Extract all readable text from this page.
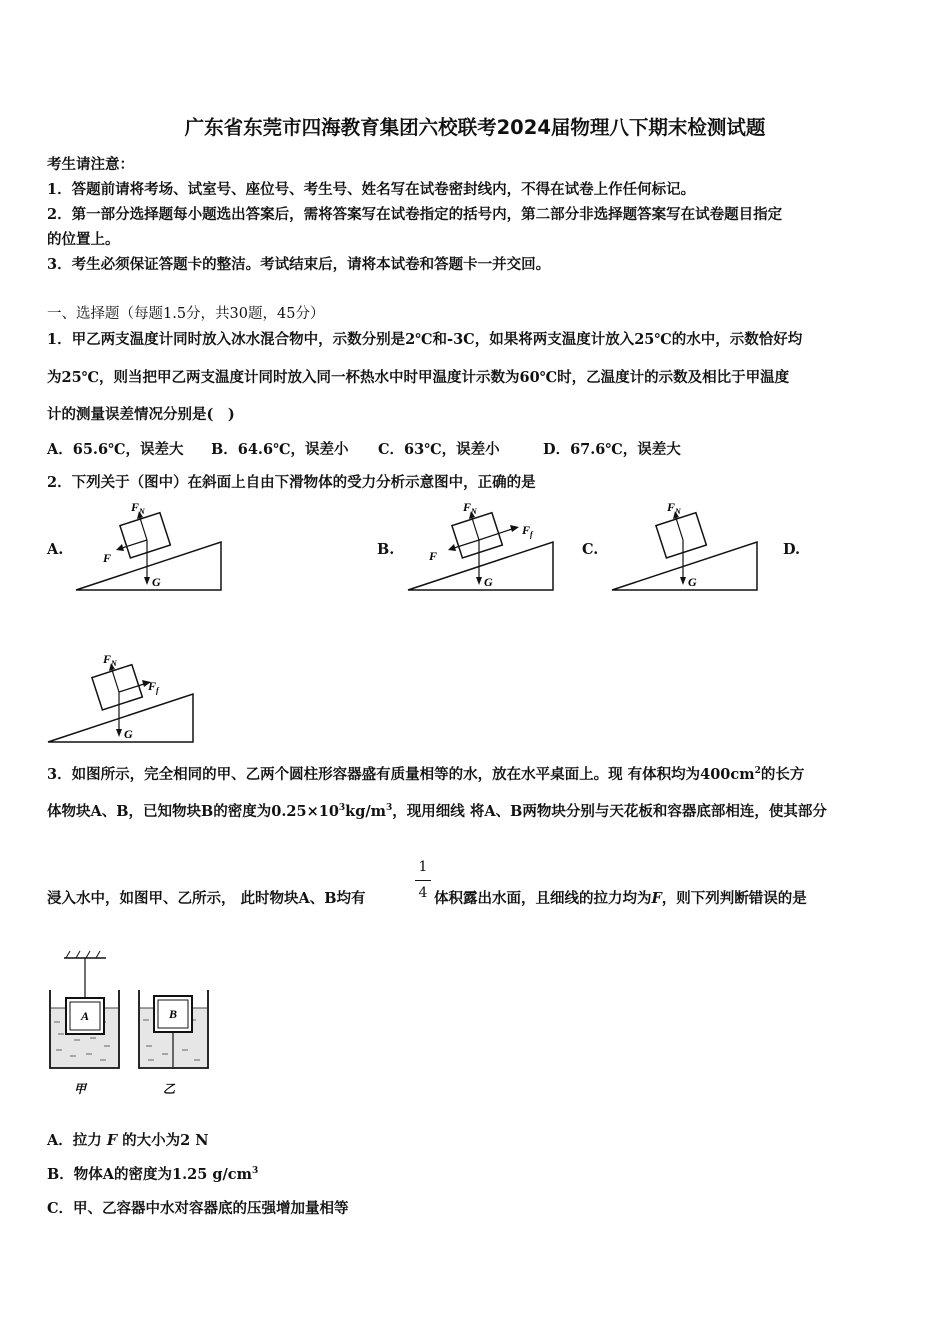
广东省东莞市四海教育集团六校联考2024届物理八下期末检测试题
考生请注意：
1．答题前请将考场、试室号、座位号、考生号、姓名写在试卷密封线内，不得在试卷上作任何标记。
2．第一部分选择题每小题选出答案后，需将答案写在试卷指定的括号内，第二部分非选择题答案写在试卷题目指定
的位置上。
3．考生必须保证答题卡的整洁。考试结束后，请将本试卷和答题卡一并交回。
一、选择题（每题1.5分，共30题，45分）
1．甲乙两支温度计同时放入冰水混合物中，示数分别是2℃和-3C，如果将两支温度计放入25℃的水中，示数恰好均
为25℃，则当把甲乙两支温度计同时放入同一杯热水中时甲温度计示数为60℃时，乙温度计的示数及相比于甲温度
计的测量误差情况分别是(　)
A．65.6℃，误差大 B．64.6℃，误差小 C．63℃，误差小	D．67.6℃，误差大
2．下列关于（图中）在斜面上自由下滑物体的受力分析示意图中，正确的是
A.	B.	C.	D.
$F_N$
F
G
$F_N$
$F_f$
F
G
$F_N$
G
$F_N$
$F_f$
G
3．如图所示，完全相同的甲、乙两个圆柱形容器盛有质量相等的水，放在水平桌面上。现 有体积均为$400cm^2$的长方
体物块A、B，已知物块B的密度为$0.25\times 10^3kg/m^3$，现用细线 将A、B两物块分别与天花板和容器底部相连，使其部分
浸入水中，如图甲、乙所示， 此时物块A、B均有
1
4 体积露出水面，且细线的拉力均为F，则下列判断错误的是
A	B
甲	乙
A．拉力 F 的大小为2 N
B．物体A的密度为1.25 $g/cm^3$
C．甲、乙容器中水对容器底的压强增加量相等
